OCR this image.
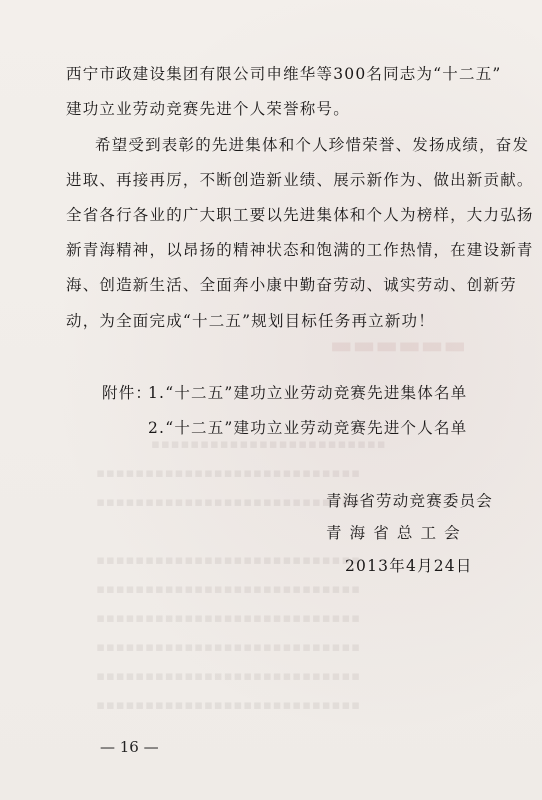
▬▬▬▬▬▬
▪▪▪▪▪▪▪▪▪▪▪▪▪▪▪▪▪▪▪▪▪▪▪▪
▪▪▪▪▪▪▪▪▪▪▪▪▪▪▪▪▪▪▪▪▪▪▪▪▪▪▪
▪▪▪▪▪▪▪▪▪▪▪▪▪▪▪▪▪▪▪▪▪▪▪▪▪▪▪
▪▪▪▪▪▪▪▪▪▪▪▪▪▪▪▪▪▪▪▪▪▪▪▪▪▪▪
▪▪▪▪▪▪▪▪▪▪▪▪▪▪▪▪▪▪▪▪▪▪▪▪▪▪▪
▪▪▪▪▪▪▪▪▪▪▪▪▪▪▪▪▪▪▪▪▪▪▪▪▪▪▪
▪▪▪▪▪▪▪▪▪▪▪▪▪▪▪▪▪▪▪▪▪▪▪▪▪▪▪
▪▪▪▪▪▪▪▪▪▪▪▪▪▪▪▪▪▪▪▪▪▪▪▪▪▪▪
▪▪▪▪▪▪▪▪▪▪▪▪▪▪▪▪▪▪▪▪▪▪▪▪▪▪▪
西宁市政建设集团有限公司申维华等300名同志为“十二五”
建功立业劳动竞赛先进个人荣誉称号。
希望受到表彰的先进集体和个人珍惜荣誉、发扬成绩，奋发
进取、再接再厉，不断创造新业绩、展示新作为、做出新贡献。
全省各行各业的广大职工要以先进集体和个人为榜样，大力弘扬
新青海精神，以昂扬的精神状态和饱满的工作热情，在建设新青
海、创造新生活、全面奔小康中勤奋劳动、诚实劳动、创新劳
动，为全面完成“十二五”规划目标任务再立新功！
附件：
1.“十二五”建功立业劳动竞赛先进集体名单
2.“十二五”建功立业劳动竞赛先进个人名单
青海省劳动竞赛委员会
青 海 省 总 工 会
2013年4月24日
— 16 —
